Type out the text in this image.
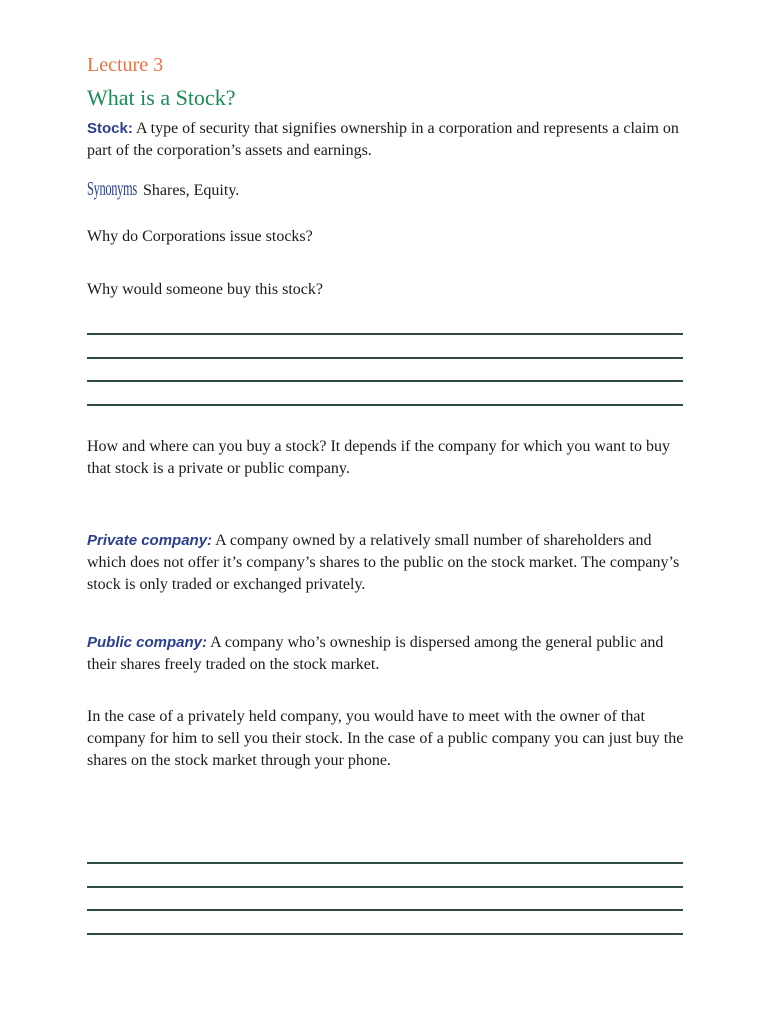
Lecture 3
What is a Stock?
Stock: A type of security that signifies ownership in a corporation and represents a claim on part of the corporation’s assets and earnings.
Synonyms Shares, Equity.
Why do Corporations issue stocks?
Why would someone buy this stock?
How and where can you buy a stock? It depends if the company for which you want to buy that stock is a private or public company.
Private company: A company owned by a relatively small number of shareholders and which does not offer it’s company’s shares to the public on the stock market. The company’s stock is only traded or exchanged privately.
Public company: A company who’s owneship is dispersed among the general public and their shares freely traded on the stock market.
In the case of a privately held company, you would have to meet with the owner of that company for him to sell you their stock. In the case of a public company you can just buy the shares on the stock market through your phone.
